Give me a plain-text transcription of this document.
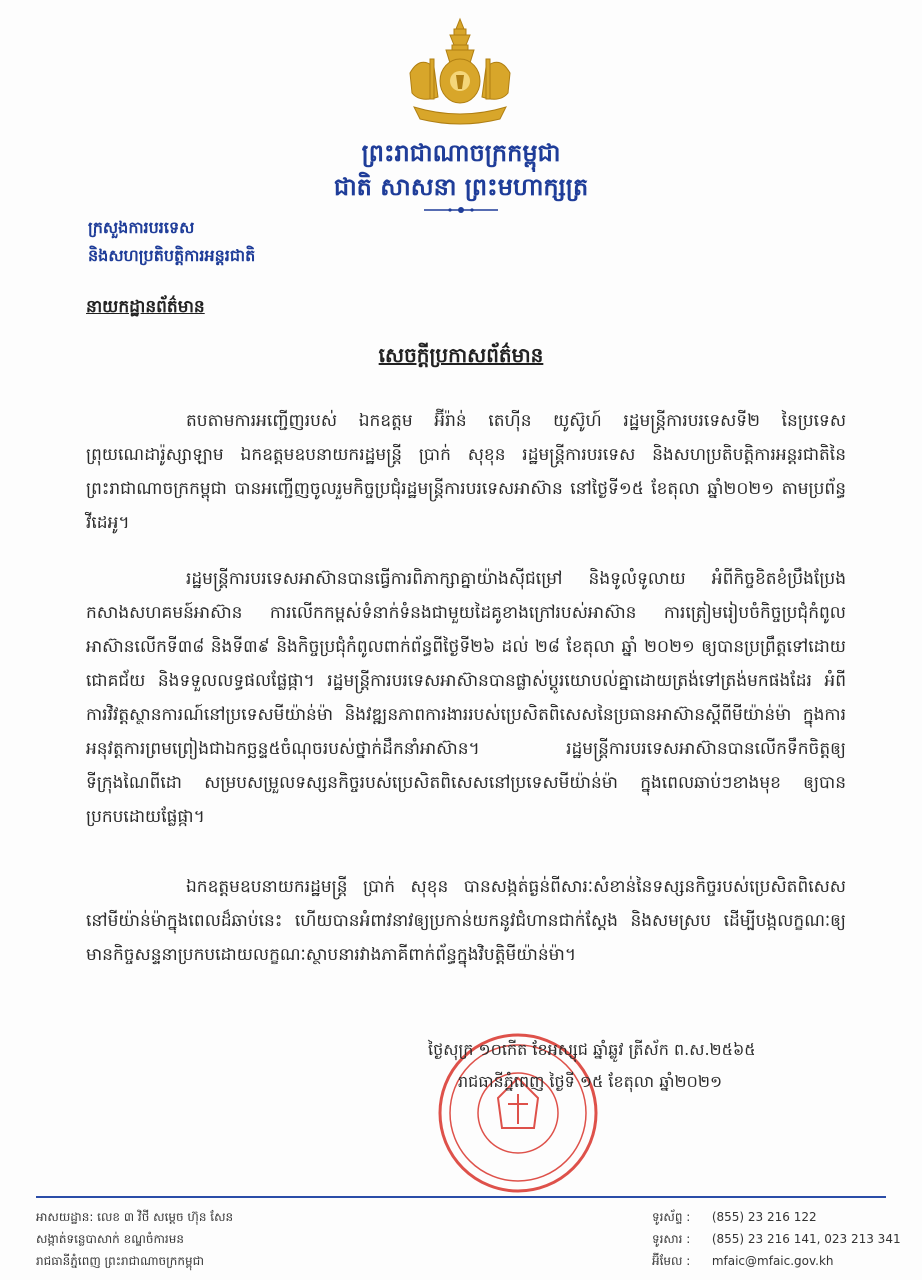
ព្រះរាជាណាចក្រកម្ពុជា
ជាតិ សាសនា ព្រះមហាក្សត្រ
ក្រសួងការបរទេស
និងសហប្រតិបត្តិការអន្តរជាតិ
នាយកដ្ឋានព័ត៌មាន
សេចក្តីប្រកាសព័ត៌មាន
តបតាមការអញ្ជើញរបស់ ឯកឧត្តម អ៊ីរ៉ាន់ តេហ៊ីន យូស៊ូហ៍ រដ្ឋមន្ត្រីការបរទេសទី២ នៃប្រទេសព្រុយណេដារ៉ូស្សាឡាម ឯកឧត្តមឧបនាយករដ្ឋមន្ត្រី ប្រាក់ សុខុន រដ្ឋមន្ត្រីការបរទេស និងសហប្រតិបត្តិការអន្តរជាតិនៃព្រះរាជាណាចក្រកម្ពុជា បានអញ្ជើញចូលរួមកិច្ចប្រជុំរដ្ឋមន្ត្រីការបរទេសអាស៊ាន នៅថ្ងៃទី១៥ ខែតុលា ឆ្នាំ២០២១ តាមប្រព័ន្ធវីដេអូ។
រដ្ឋមន្ត្រីការបរទេសអាស៊ានបានធ្វើការពិភាក្សាគ្នាយ៉ាងស៊ីជម្រៅ និងទូលំទូលាយ អំពីកិច្ចខិតខំប្រឹងប្រែងកសាងសហគមន៍អាស៊ាន ការលើកកម្ពស់ទំនាក់ទំនងជាមួយដៃគូខាងក្រៅរបស់អាស៊ាន ការត្រៀមរៀបចំកិច្ចប្រជុំកំពូលអាស៊ានលើកទី៣៨ និងទី៣៩ និងកិច្ចប្រជុំកំពូលពាក់ព័ន្ធពីថ្ងៃទី២៦ ដល់ ២៨ ខែតុលា ឆ្នាំ ២០២១ ឲ្យបានប្រព្រឹត្តទៅដោយជោគជ័យ និងទទួលលទ្ធផលផ្លែផ្កា។ រដ្ឋមន្ត្រីការបរទេសអាស៊ានបានផ្លាស់ប្តូរយោបល់គ្នាដោយត្រង់ទៅត្រង់មកផងដែរ អំពីការវិវត្តស្ថានការណ៍នៅប្រទេសមីយ៉ាន់ម៉ា និងវឌ្ឍនភាពការងាររបស់ប្រេសិតពិសេសនៃប្រធានអាស៊ានស្តីពីមីយ៉ាន់ម៉ា ក្នុងការអនុវត្តការព្រមព្រៀងជាឯកច្ឆន្ទ៥ចំណុចរបស់ថ្នាក់ដឹកនាំអាស៊ាន។ រដ្ឋមន្ត្រីការបរទេសអាស៊ានបានលើកទឹកចិត្តឲ្យទីក្រុងណៃពីដោ សម្របសម្រួលទស្សនកិច្ចរបស់ប្រេសិតពិសេសនៅប្រទេសមីយ៉ាន់ម៉ា ក្នុងពេលឆាប់ៗខាងមុខ ឲ្យបានប្រកបដោយផ្លែផ្កា។
ឯកឧត្តមឧបនាយករដ្ឋមន្ត្រី ប្រាក់ សុខុន បានសង្កត់ធ្ងន់ពីសារៈសំខាន់នៃទស្សនកិច្ចរបស់ប្រេសិតពិសេសនៅមីយ៉ាន់ម៉ាក្នុងពេលដ៏ឆាប់នេះ ហើយបានអំពាវនាវឲ្យប្រកាន់យកនូវជំហានជាក់ស្តែង និងសមស្រប ដើម្បីបង្កលក្ខណៈឲ្យមានកិច្ចសន្ទនាប្រកបដោយលក្ខណៈស្ថាបនារវាងភាគីពាក់ព័ន្ធក្នុងវិបត្តិមីយ៉ាន់ម៉ា។
ថ្ងៃសុក្រ ១០កើត ខែអស្សុជ ឆ្នាំឆ្លូវ ត្រីស័ក ព.ស.២៥៦៥
រាជធានីភ្នំពេញ ថ្ងៃទី ១៥ ខែតុលា ឆ្នាំ២០២១
អាសយដ្ឋាន: លេខ ៣ វិថី សម្តេច ហ៊ុន សែន
សង្កាត់ទន្លេបាសាក់ ខណ្ឌចំការមន
រាជធានីភ្នំពេញ ព្រះរាជាណាចក្រកម្ពុជា
ទូរស័ព្ទ : (855) 23 216 122
ទូរសារ : (855) 23 216 141, 023 213 341
អ៊ីមែល : mfaic@mfaic.gov.kh
